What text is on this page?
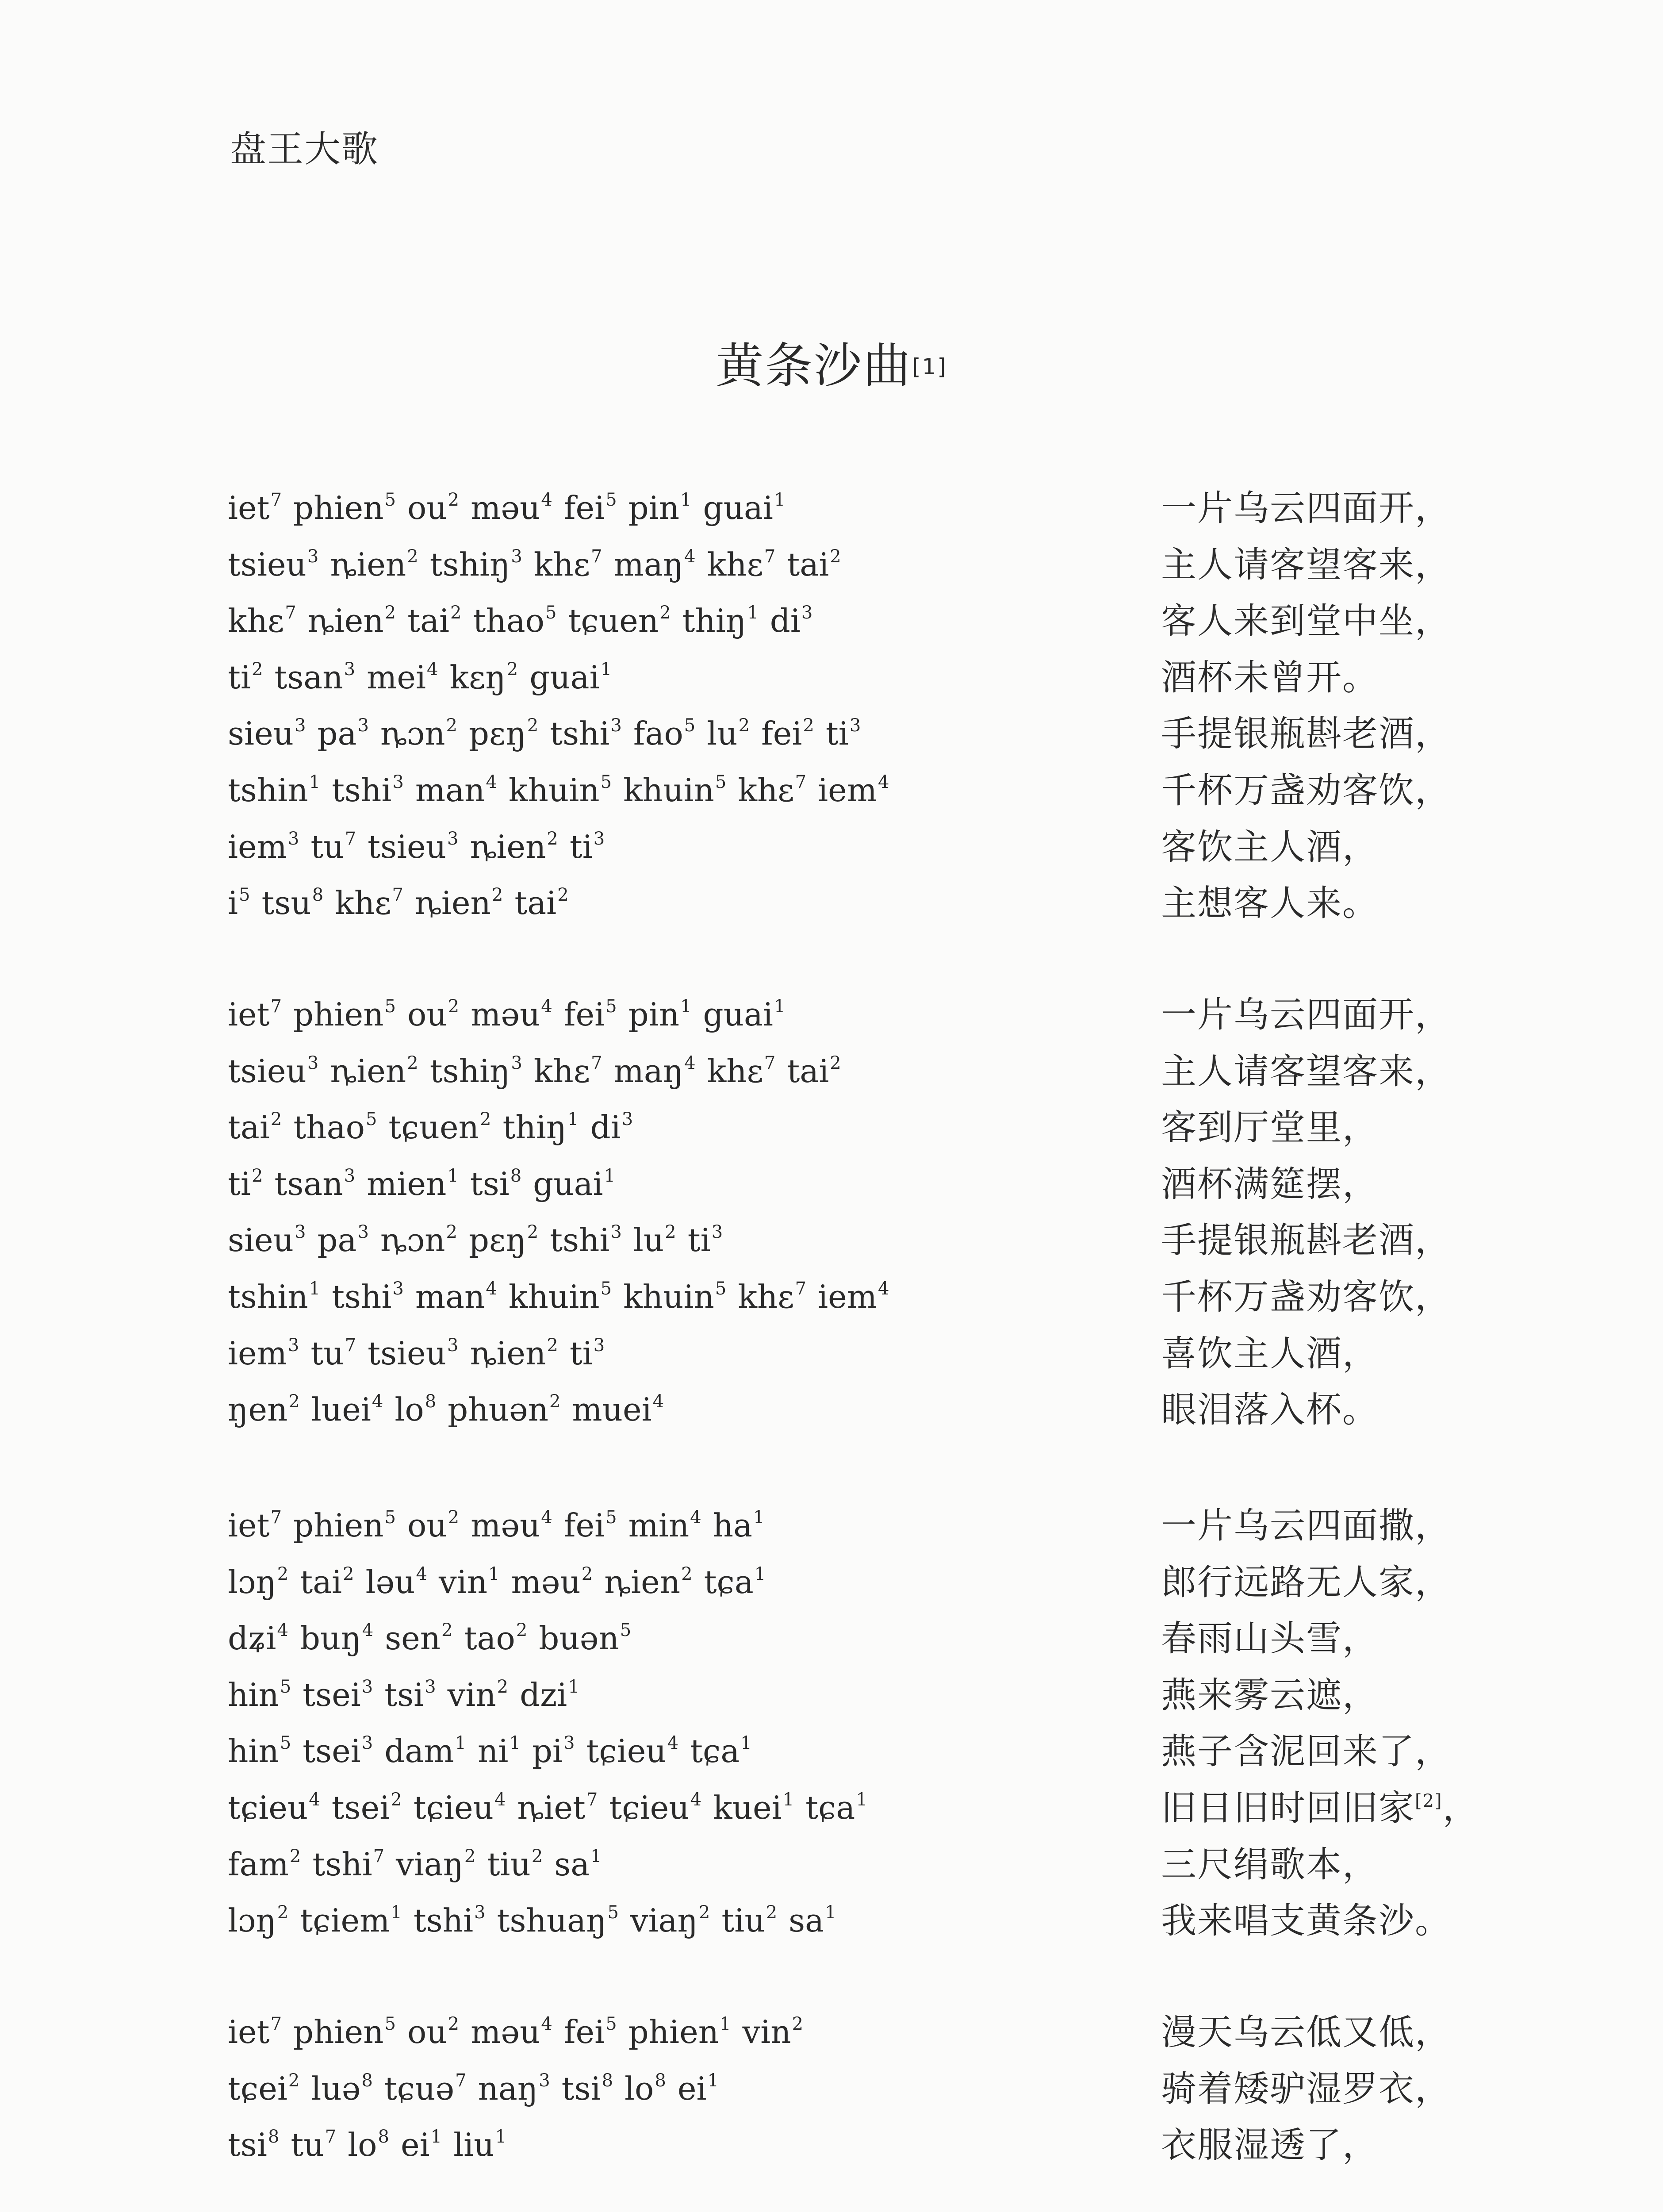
盘王大歌
黄条沙曲[1]
iet$^7$ phien$^5$ $ou^2$ məu$^4$ fei$^5$ pin$^1$ guai$^1$	一片乌云四面开，
tsieu$^3$ ȵien$^2$ tshiŋ$^3$ khɛ$^7$ maŋ$^4$ khɛ$^7$ tai$^2$	主人请客望客来，
khɛ$^7$ ȵien$^2$ tai$^2$ thao$^5$ tɕuen$^2$ thiŋ$^1$ $di^3$	客人来到堂中坐，
$ti^2$ tsan$^3$ mei$^4$ kɛŋ$^2$ guai$^1$	酒杯未曾开。
sieu$^3$ $pa^3$ ȵɔn$^2$ pɛŋ$^2$ tshi$^3$ fao$^5$ $lu^2$ fei$^2$ $ti^3$	手提银瓶斟老酒，
tshin$^1$ tshi$^3$ man$^4$ khuin$^5$ khuin$^5$ khɛ$^7$ iem$^4$	千杯万盏劝客饮，
iem$^3$ $tu^7$ tsieu$^3$ ȵien$^2$ $ti^3$	客饮主人酒，
$i^5$ tsu$^8$ khɛ$^7$ ȵien$^2$ tai$^2$	主想客人来。
iet$^7$ phien$^5$ $ou^2$ məu$^4$ fei$^5$ pin$^1$ guai$^1$	一片乌云四面开，
tsieu$^3$ ȵien$^2$ tshiŋ$^3$ khɛ$^7$ maŋ$^4$ khɛ$^7$ tai$^2$	主人请客望客来，
tai$^2$ thao$^5$ tɕuen$^2$ thiŋ$^1$ $di^3$	客到厅堂里，
$ti^2$ tsan$^3$ mien$^1$ tsi$^8$ guai$^1$	酒杯满筵摆，
sieu$^3$ $pa^3$ ȵɔn$^2$ pɛŋ$^2$ tshi$^3$ $lu^2$ $ti^3$	手提银瓶斟老酒，
tshin$^1$ tshi$^3$ man$^4$ khuin$^5$ khuin$^5$ khɛ$^7$ iem$^4$	千杯万盏劝客饮，
iem$^3$ $tu^7$ tsieu$^3$ ȵien$^2$ $ti^3$	喜饮主人酒，
ŋen$^2$ luei$^4$ $lo^8$ phuən$^2$ muei$^4$	眼泪落入杯。
iet$^7$ phien$^5$ $ou^2$ məu$^4$ fei$^5$ $\min^4 ha^1$	一片乌云四面撒，
lɔŋ$^2$ tai$^2$ ləu$^4$ vin$^1$ məu$^2$ ȵien$^2$ tɕa$^1$	郎行远路无人家，
dʑi$^4$ buŋ$^4$ sen$^2$ tao$^2$ buən$^5$	春雨山头雪，
hin$^5$ tsei$^3$ tsi$^3$ vin$^2$ dzi$^1$	燕来雾云遮，
hin$^5$ tsei$^3$ dam$^1$ $ni^1$ $pi^3$ tɕieu$^4$ tɕa$^1$	燕子含泥回来了，
tɕieu$^4$ tsei$^2$ tɕieu$^4$ ȵiet$^7$ tɕieu$^4$ kuei$^1$ tɕa$^1$	旧日旧时回旧家[2]，
fam$^2$ tshi$^7$ viaŋ$^2$ tiu$^2$ $sa^1$	三尺绢歌本，
lɔŋ$^2$ tɕiem$^1$ tshi$^3$ tshuaŋ$^5$ viaŋ$^2$ tiu$^2$ $sa^1$	我来唱支黄条沙。
iet$^7$ phien$^5$ $ou^2$ məu$^4$ fei$^5$ phien$^1$ vin$^2$	漫天乌云低又低，
tɕei$^2$ luə$^8$ tɕuə$^7$ naŋ$^3$ tsi$^8$ $lo^8$ $ei^1$	骑着矮驴湿罗衣，
tsi$^8$ $tu^7$ $lo^8$ $ei^1$ liu$^1$	衣服湿透了，
